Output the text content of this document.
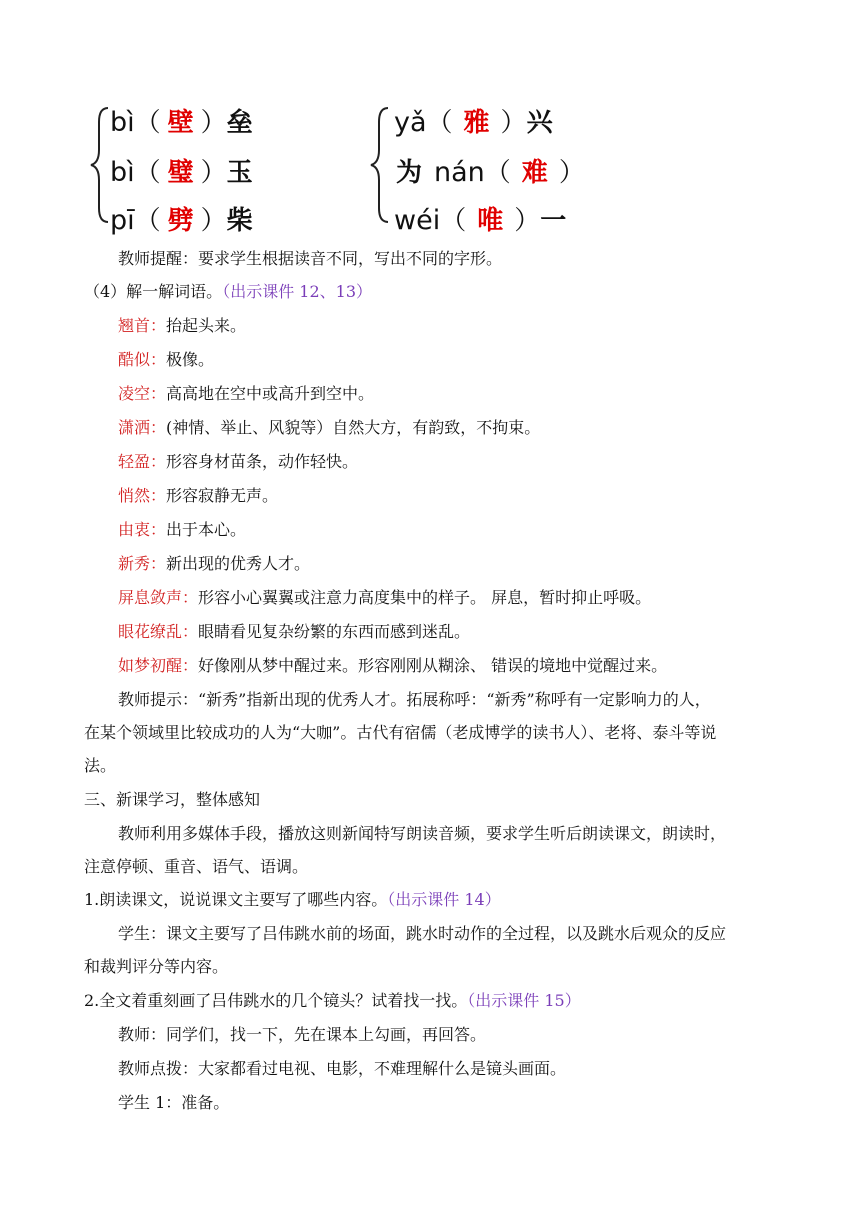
bì（ 壁 ）垒
bì（ 璧 ）玉
pī（ 劈 ）柴
yǎ（ 雅 ）兴
为 nán（ 难 ）
wéi（ 唯 ）一
教师提醒：要求学生根据读音不同，写出不同的字形。
（4）解一解词语。（出示课件 12、13）
翘首：抬起头来。
酷似：极像。
凌空：高高地在空中或高升到空中。
潇洒：(神情、举止、风貌等）自然大方，有韵致，不拘束。
轻盈：形容身材苗条，动作轻快。
悄然：形容寂静无声。
由衷：出于本心。
新秀：新出现的优秀人才。
屏息敛声：形容小心翼翼或注意力高度集中的样子。 屏息，暂时抑止呼吸。
眼花缭乱：眼睛看见复杂纷繁的东西而感到迷乱。
如梦初醒：好像刚从梦中醒过来。形容刚刚从糊涂、 错误的境地中觉醒过来。
教师提示：“新秀”指新出现的优秀人才。拓展称呼：“新秀”称呼有一定影响力的人，
在某个领域里比较成功的人为“大咖”。古代有宿儒（老成博学的读书人）、老将、泰斗等说
法。
三、新课学习，整体感知
教师利用多媒体手段，播放这则新闻特写朗读音频，要求学生听后朗读课文，朗读时，
注意停顿、重音、语气、语调。
1.朗读课文，说说课文主要写了哪些内容。（出示课件 14）
学生：课文主要写了吕伟跳水前的场面，跳水时动作的全过程，以及跳水后观众的反应
和裁判评分等内容。
2.全文着重刻画了吕伟跳水的几个镜头？试着找一找。（出示课件 15）
教师：同学们，找一下，先在课本上勾画，再回答。
教师点拨：大家都看过电视、电影，不难理解什么是镜头画面。
学生 1：准备。
